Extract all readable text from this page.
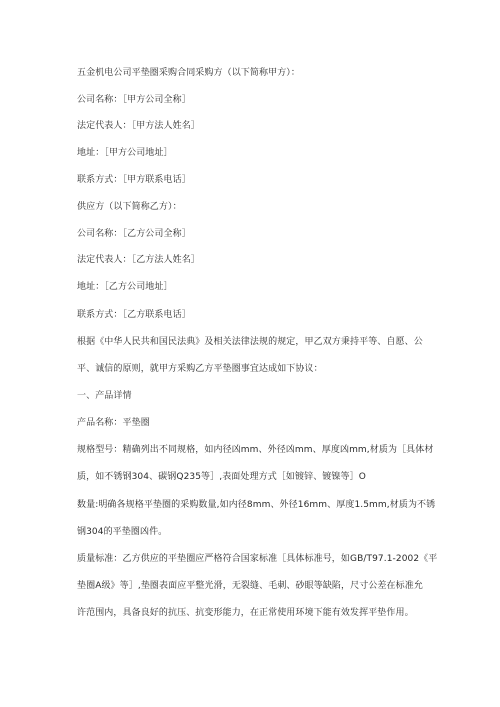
五金机电公司平垫圈采购合同采购方（以下简称甲方）：
公司名称：［甲方公司全称］
法定代表人：［甲方法人姓名］
地址：［甲方公司地址］
联系方式：［甲方联系电话］
供应方（以下简称乙方）：
公司名称：［乙方公司全称］
法定代表人：［乙方法人姓名］
地址：［乙方公司地址］
联系方式：［乙方联系电话］
根据《中华人民共和国民法典》及相关法律法规的规定，甲乙双方秉持平等、自愿、公
平、诚信的原则，就甲方采购乙方平垫圈事宜达成如下协议：
一、产品详情
产品名称：平垫圈
规格型号：精确列出不同规格，如内径凶mm、外径凶mm、厚度凶mm,材质为［具体材
质，如不锈钢304、碳钢Q235等］,表面处理方式［如镀锌、镀镍等］O
数量:明确各规格平垫圈的采购数量,如内径8mm、外径16mm、厚度1.5mm,材质为不锈
钢304的平垫圈凶件。
质量标准：乙方供应的平垫圈应严格符合国家标准［具体标准号，如GB/T97.1-2002《平
垫圈A级》等］,垫圈表面应平整光滑，无裂缝、毛刺、砂眼等缺陷，尺寸公差在标准允
许范围内，具备良好的抗压、抗变形能力，在正常使用环境下能有效发挥平垫作用。
